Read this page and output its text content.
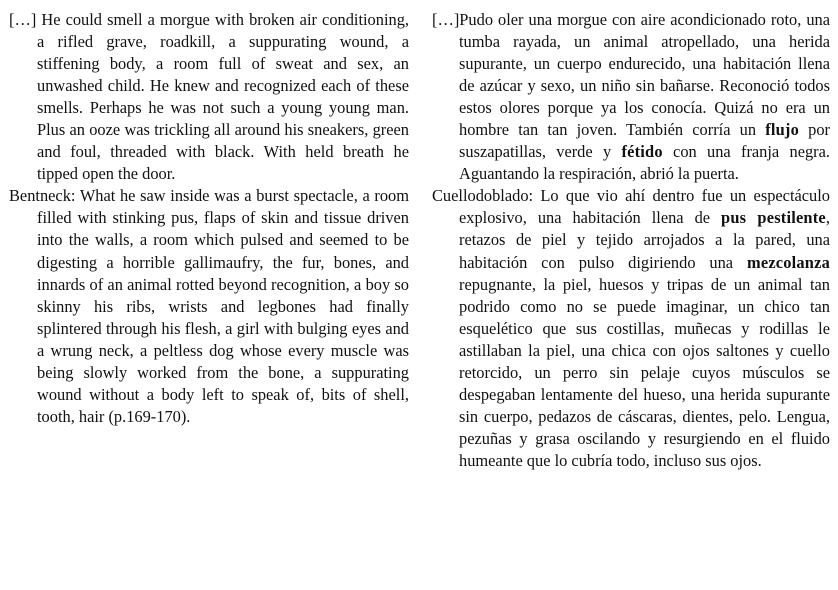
[…] He could smell a morgue with broken air conditioning, a rifled grave, roadkill, a suppurating wound, a stiffening body, a room full of sweat and sex, an unwashed child. He knew and recognized each of these smells. Perhaps he was not such a young young man. Plus an ooze was trickling all around his sneakers, green and foul, threaded with black. With held breath he tipped open the door.

Bentneck: What he saw inside was a burst spectacle, a room filled with stinking pus, flaps of skin and tissue driven into the walls, a room which pulsed and seemed to be digesting a horrible gallimaufry, the fur, bones, and innards of an animal rotted beyond recognition, a boy so skinny his ribs, wrists and legbones had finally splintered through his flesh, a girl with bulging eyes and a wrung neck, a peltless dog whose every muscle was being slowly worked from the bone, a suppurating wound without a body left to speak of, bits of shell, tooth, hair (p.169-170).

[…]Pudo oler una morgue con aire acondicionado roto, una tumba rayada, un animal atropellado, una herida supurante, un cuerpo endurecido, una habitación llena de azúcar y sexo, un niño sin bañarse. Reconoció todos estos olores porque ya los conocía. Quizá no era un hombre tan tan joven. También corría un flujo por suszapatillas, verde y fétido con una franja negra. Aguantando la respiración, abrió la puerta.

Cuellodoblado: Lo que vio ahí dentro fue un espectáculo explosivo, una habitación llena de pus pestilente, retazos de piel y tejido arrojados a la pared, una habitación con pulso digiriendo una mezcolanza repugnante, la piel, huesos y tripas de un animal tan podrido como no se puede imaginar, un chico tan esquelético que sus costillas, muñecas y rodillas le astillaban la piel, una chica con ojos saltones y cuello retorcido, un perro sin pelaje cuyos músculos se despegaban lentamente del hueso, una herida supurante sin cuerpo, pedazos de cáscaras, dientes, pelo. Lengua, pezuñas y grasa oscilando y resurgiendo en el fluido humeante que lo cubría todo, incluso sus ojos.
